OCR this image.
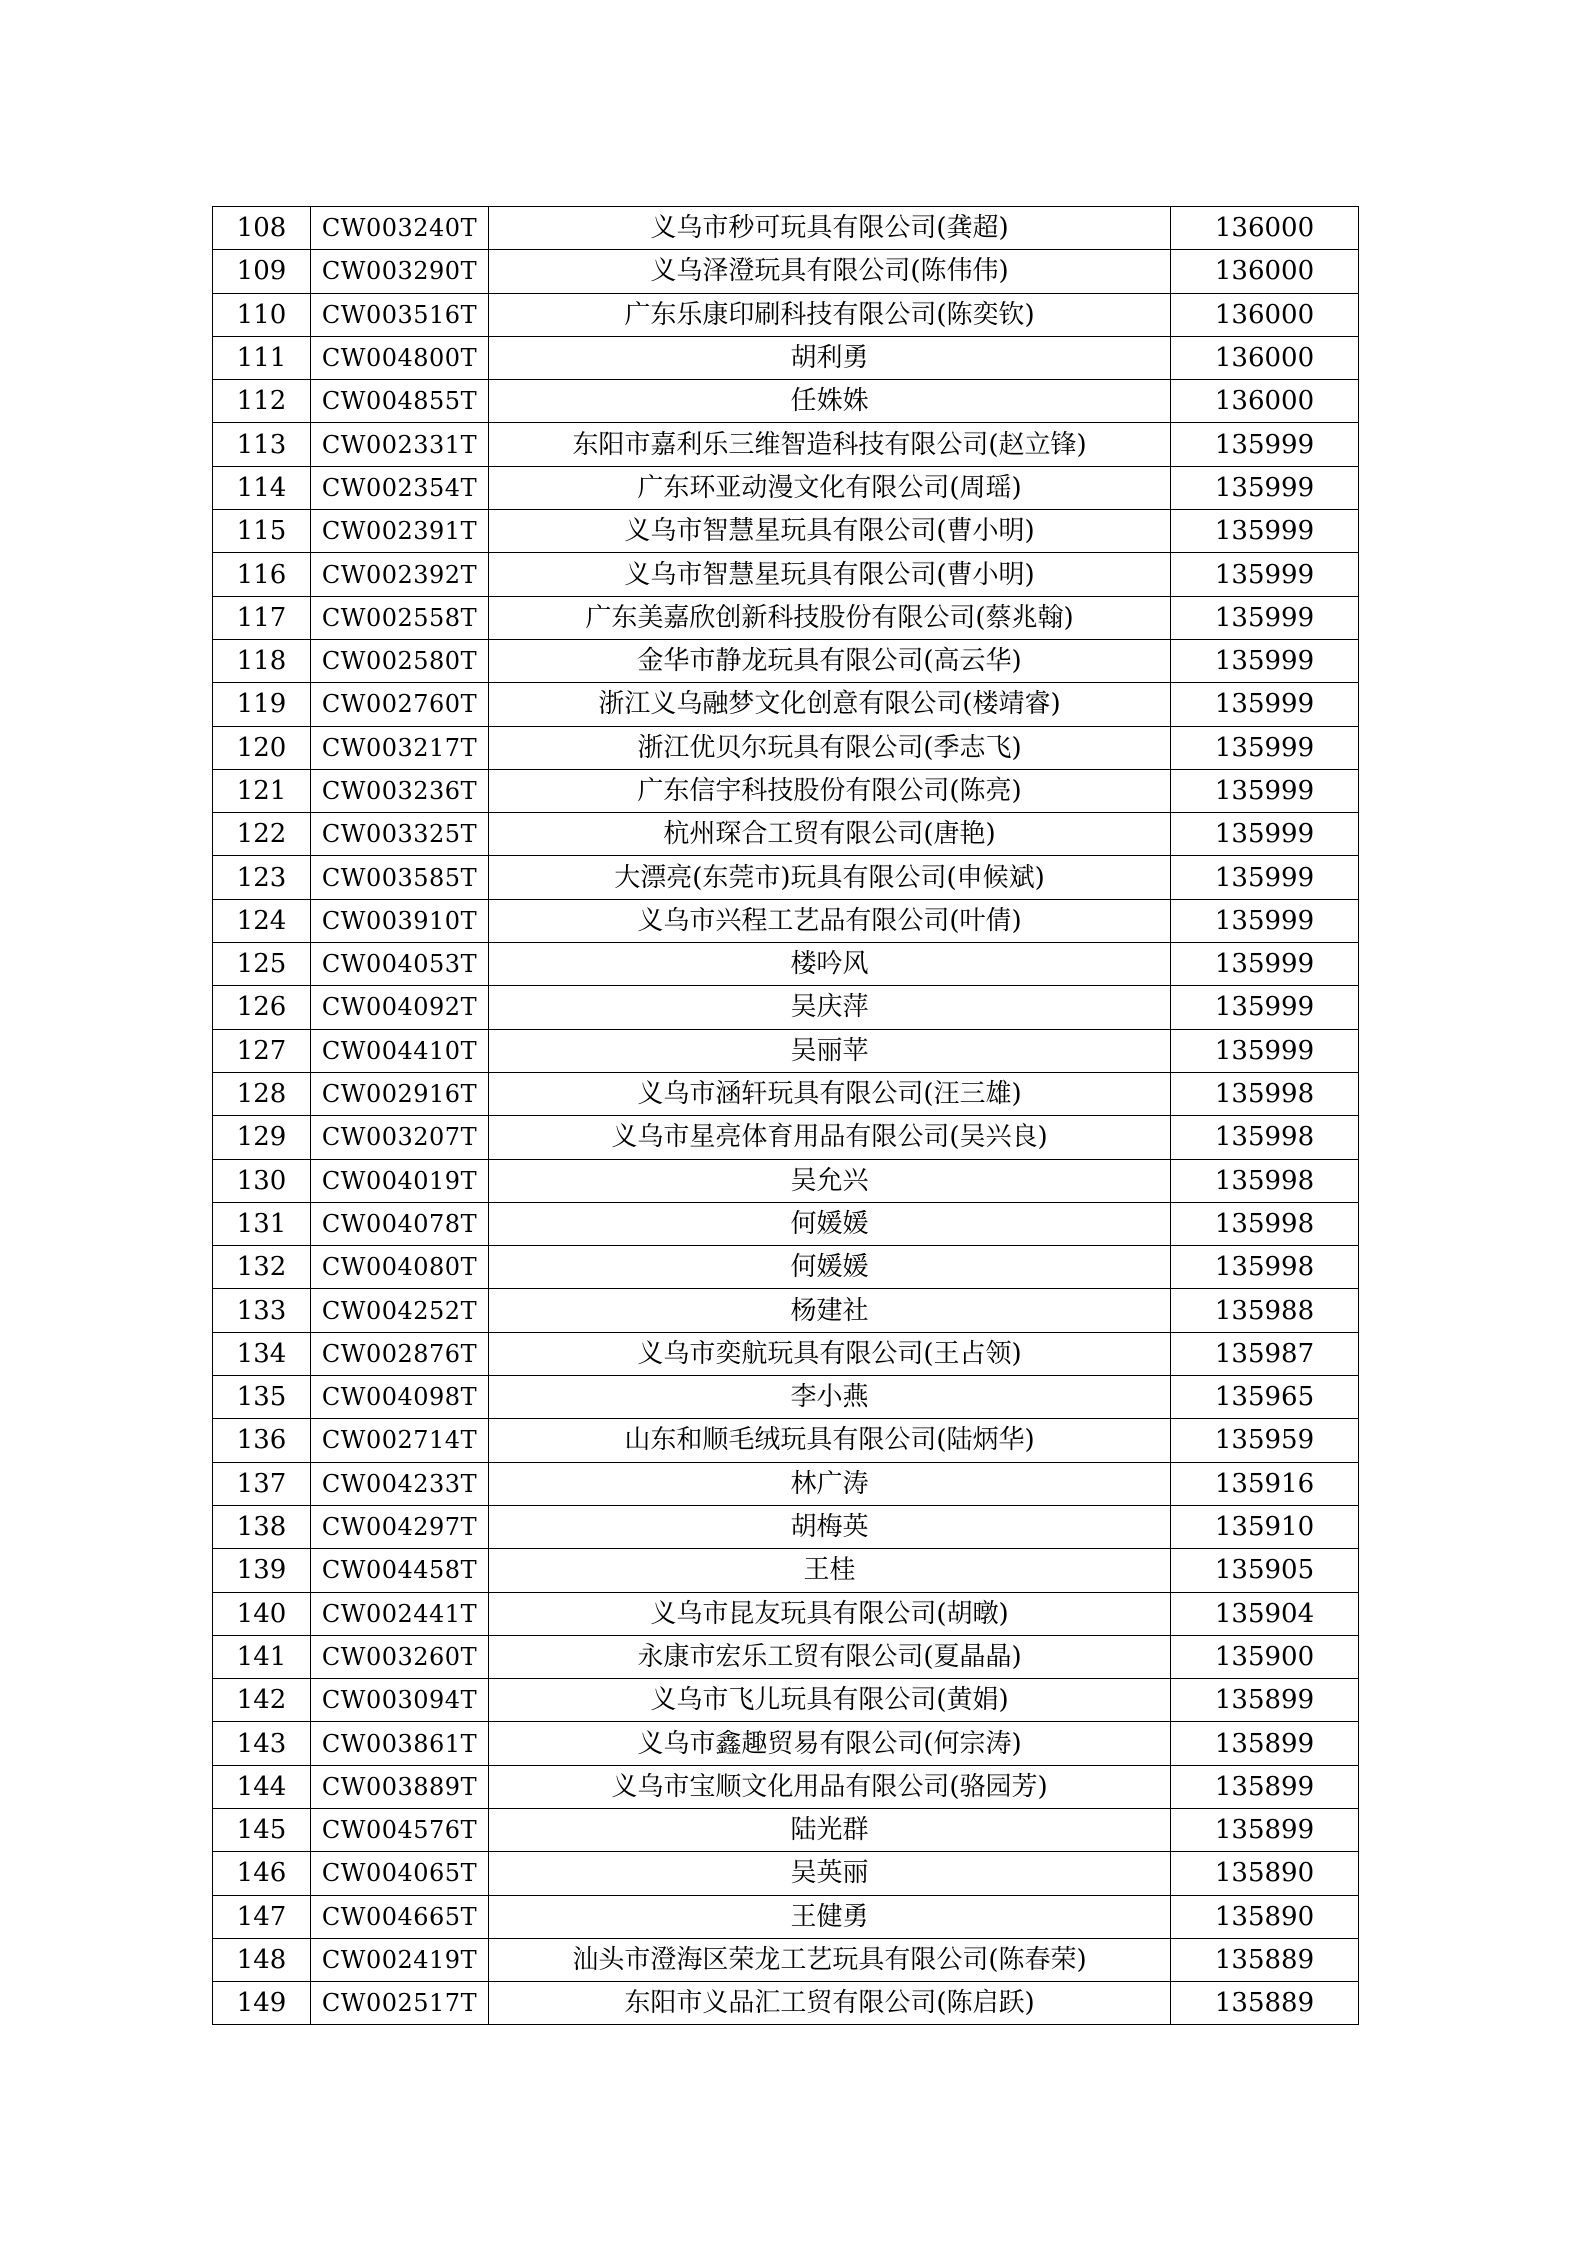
108	CW003240T	义乌市秒可玩具有限公司(龚超)	136000
109	CW003290T	义乌泽澄玩具有限公司(陈伟伟)	136000
110	CW003516T	广东乐康印刷科技有限公司(陈奕钦)	136000
111	CW004800T	胡利勇	136000
112	CW004855T	任姝姝	136000
113	CW002331T	东阳市嘉利乐三维智造科技有限公司(赵立锋)	135999
114	CW002354T	广东环亚动漫文化有限公司(周瑶)	135999
115	CW002391T	义乌市智慧星玩具有限公司(曹小明)	135999
116	CW002392T	义乌市智慧星玩具有限公司(曹小明)	135999
117	CW002558T	广东美嘉欣创新科技股份有限公司(蔡兆翰)	135999
118	CW002580T	金华市静龙玩具有限公司(高云华)	135999
119	CW002760T	浙江义乌融梦文化创意有限公司(楼靖睿)	135999
120	CW003217T	浙江优贝尔玩具有限公司(季志飞)	135999
121	CW003236T	广东信宇科技股份有限公司(陈亮)	135999
122	CW003325T	杭州琛合工贸有限公司(唐艳)	135999
123	CW003585T	大漂亮(东莞市)玩具有限公司(申候斌)	135999
124	CW003910T	义乌市兴程工艺品有限公司(叶倩)	135999
125	CW004053T	楼吟风	135999
126	CW004092T	吴庆萍	135999
127	CW004410T	吴丽苹	135999
128	CW002916T	义乌市涵轩玩具有限公司(汪三雄)	135998
129	CW003207T	义乌市星亮体育用品有限公司(吴兴良)	135998
130	CW004019T	吴允兴	135998
131	CW004078T	何媛媛	135998
132	CW004080T	何媛媛	135998
133	CW004252T	杨建社	135988
134	CW002876T	义乌市奕航玩具有限公司(王占领)	135987
135	CW004098T	李小燕	135965
136	CW002714T	山东和顺毛绒玩具有限公司(陆炳华)	135959
137	CW004233T	林广涛	135916
138	CW004297T	胡梅英	135910
139	CW004458T	王桂	135905
140	CW002441T	义乌市昆友玩具有限公司(胡暾)	135904
141	CW003260T	永康市宏乐工贸有限公司(夏晶晶)	135900
142	CW003094T	义乌市飞儿玩具有限公司(黄娟)	135899
143	CW003861T	义乌市鑫趣贸易有限公司(何宗涛)	135899
144	CW003889T	义乌市宝顺文化用品有限公司(骆园芳)	135899
145	CW004576T	陆光群	135899
146	CW004065T	吴英丽	135890
147	CW004665T	王健勇	135890
148	CW002419T	汕头市澄海区荣龙工艺玩具有限公司(陈春荣)	135889
149	CW002517T	东阳市义品汇工贸有限公司(陈启跃)	135889
